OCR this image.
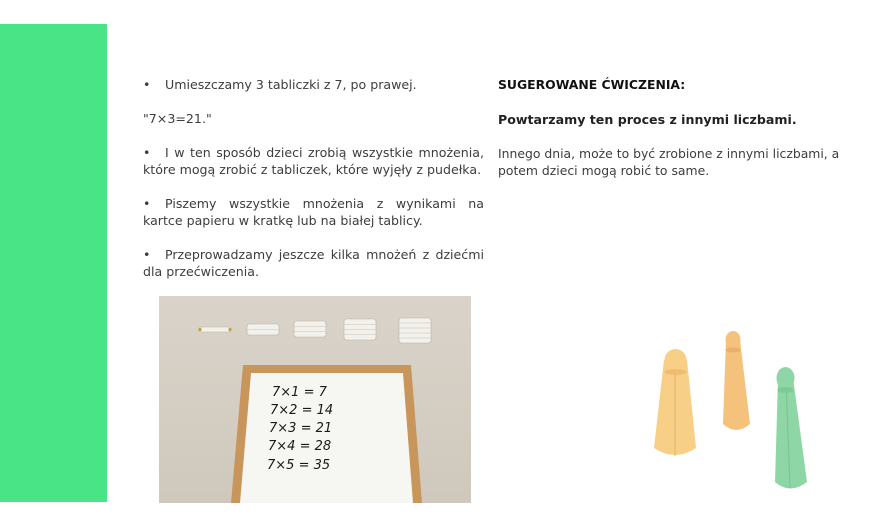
• Umieszczamy 3 tabliczki z 7, po prawej.

"7×3=21."

• I w ten sposób dzieci zrobią wszystkie mnożenia, które mogą zrobić z tabliczek, które wyjęły z pudełka.

• Piszemy wszystkie mnożenia z wynikami na kartce papieru w kratkę lub na białej tablicy.

• Przeprowadzamy jeszcze kilka mnożeń z dziećmi dla przećwiczenia.

SUGEROWANE ĆWICZENIA:

Powtarzamy ten proces z innymi liczbami.

Innego dnia, może to być zrobione z innymi liczbami, a potem dzieci mogą robić to same.

7×1 = 7
7×2 = 14
7×3 = 21
7×4 = 28
7×5 = 35
